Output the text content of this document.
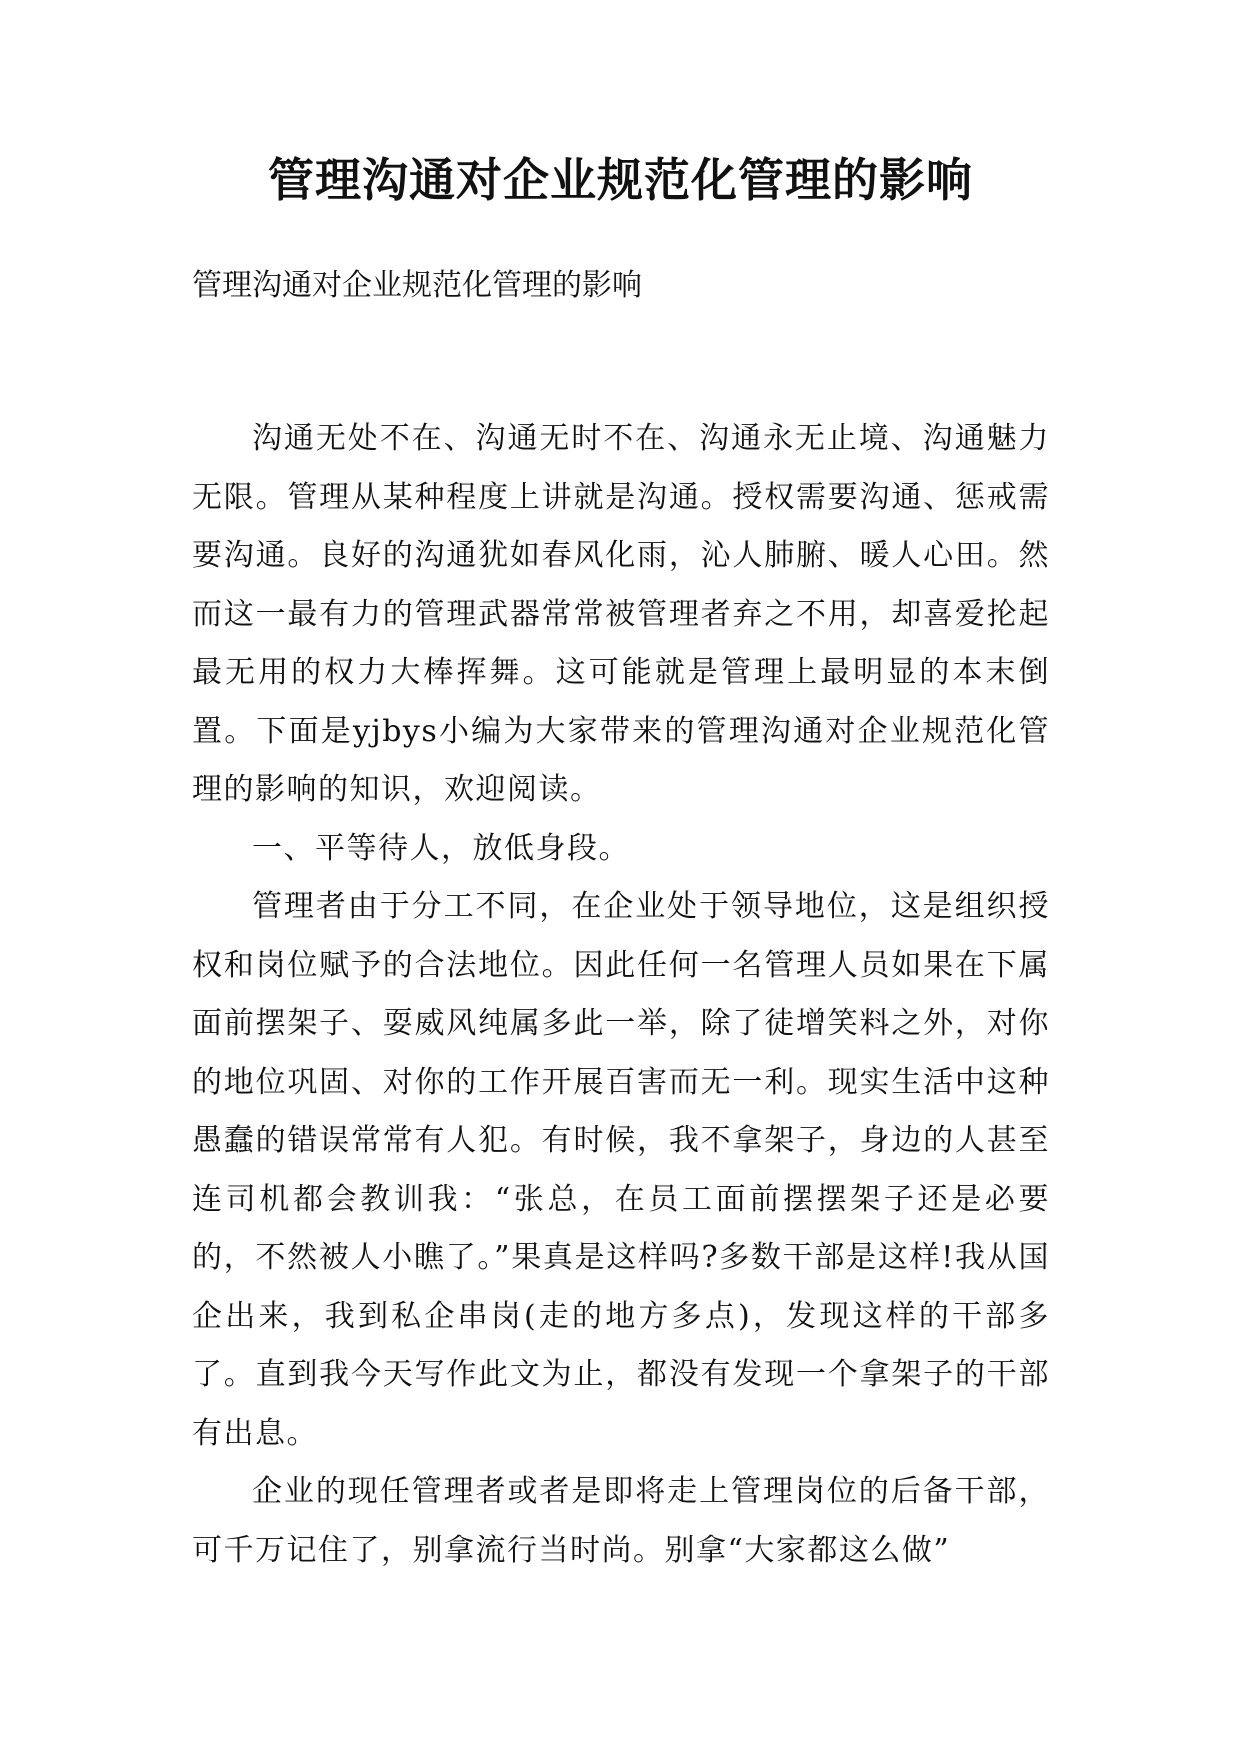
管理沟通对企业规范化管理的影响
管理沟通对企业规范化管理的影响

沟通无处不在、沟通无时不在、沟通永无止境、沟通魅力无限。管理从某种程度上讲就是沟通。授权需要沟通、惩戒需要沟通。良好的沟通犹如春风化雨，沁人肺腑、暖人心田。然而这一最有力的管理武器常常被管理者弃之不用，却喜爱抡起最无用的权力大棒挥舞。这可能就是管理上最明显的本末倒置。下面是yjbys小编为大家带来的管理沟通对企业规范化管理的影响的知识，欢迎阅读。

一、平等待人，放低身段。

管理者由于分工不同，在企业处于领导地位，这是组织授权和岗位赋予的合法地位。因此任何一名管理人员如果在下属面前摆架子、耍威风纯属多此一举，除了徒增笑料之外，对你的地位巩固、对你的工作开展百害而无一利。现实生活中这种愚蠢的错误常常有人犯。有时候，我不拿架子，身边的人甚至连司机都会教训我：“张总，在员工面前摆摆架子还是必要的，不然被人小瞧了。”果真是这样吗?多数干部是这样!我从国企出来，我到私企串岗(走的地方多点)，发现这样的干部多了。直到我今天写作此文为止，都没有发现一个拿架子的干部有出息。

企业的现任管理者或者是即将走上管理岗位的后备干部，可千万记住了，别拿流行当时尚。别拿“大家都这么做”
